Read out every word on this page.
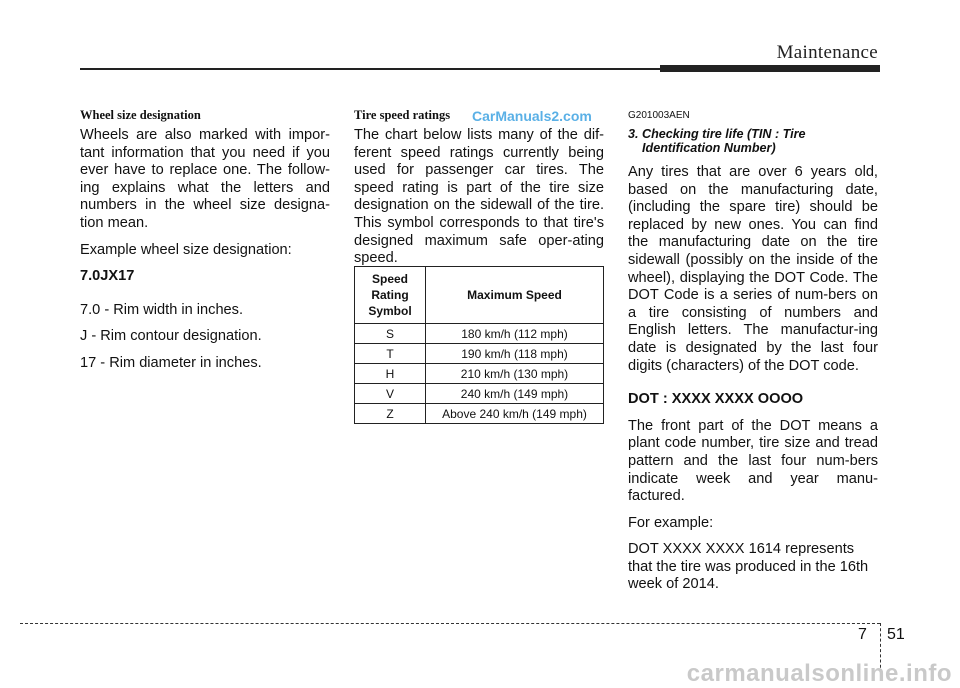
Maintenance
Wheel size designation

Wheels are also marked with impor-tant information that you need if you ever have to replace one. The follow-ing explains what the letters and numbers in the wheel size designa-tion mean.

Example wheel size designation:

7.0JX17

7.0 - Rim width in inches.

J - Rim contour designation.

17 - Rim diameter in inches.

Tire speed ratings

The chart below lists many of the dif-ferent speed ratings currently being used for passenger car tires. The speed rating is part of the tire size designation on the sidewall of the tire. This symbol corresponds to that tire's designed maximum safe oper-ating speed.

CarManuals2.com
Speed
Rating
Symbol	Maximum Speed
S	180 km/h (112 mph)
T	190 km/h (118 mph)
H	210 km/h (130 mph)
V	240 km/h (149 mph)
Z	Above 240 km/h (149 mph)
G201003AEN
3. Checking tire life (TIN : Tire Identification Number)

Any tires that are over 6 years old, based on the manufacturing date, (including the spare tire) should be replaced by new ones. You can find the manufacturing date on the tire sidewall (possibly on the inside of the wheel), displaying the DOT Code. The DOT Code is a series of num-bers on a tire consisting of numbers and English letters. The manufactur-ing date is designated by the last four digits (characters) of the DOT code.

DOT : XXXX XXXX OOOO

The front part of the DOT means a plant code number, tire size and tread pattern and the last four num-bers indicate week and year manu-factured.

For example:

DOT XXXX XXXX 1614 represents that the tire was produced in the 16th week of 2014.

7 51
carmanualsonline.info
